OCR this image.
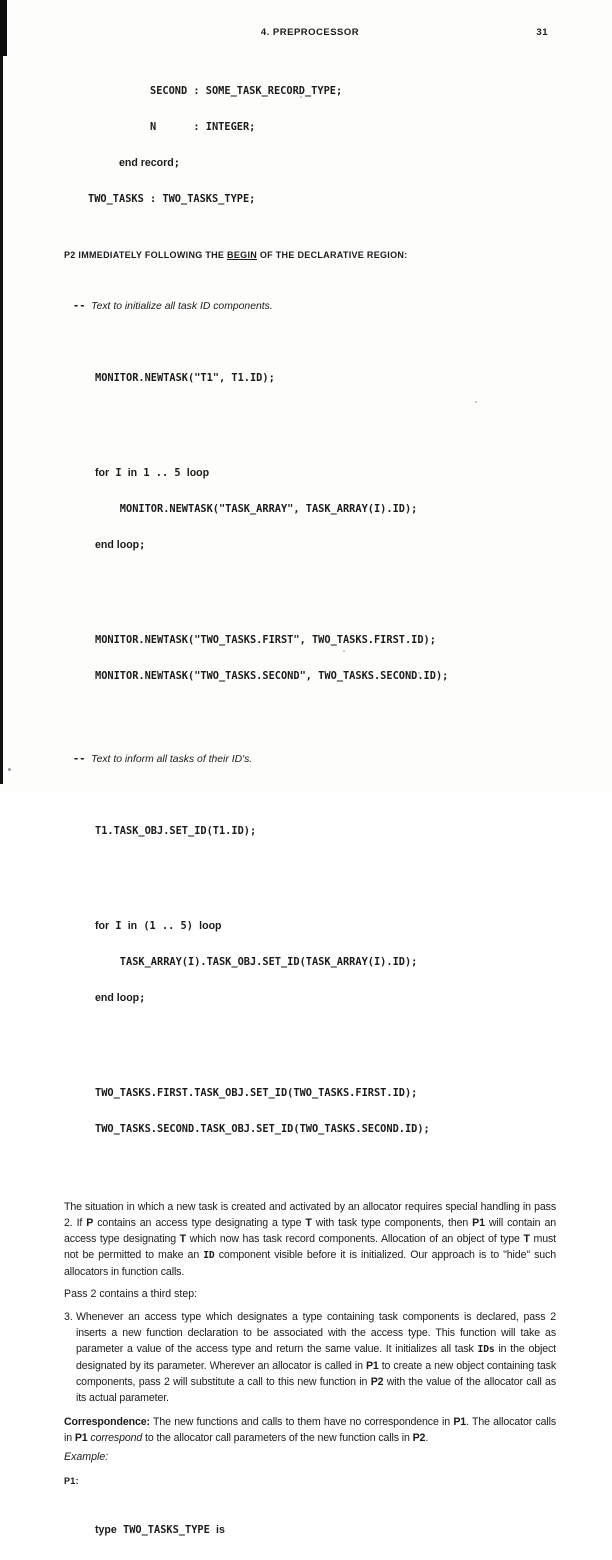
4. PREPROCESSOR	31

SECOND : SOME_TASK_RECORD_TYPE;

N      : INTEGER;

end record;

TWO_TASKS : TWO_TASKS_TYPE;

P2 IMMEDIATELY FOLLOWING THE BEGIN OF THE DECLARATIVE REGION:

--  Text to initialize all task ID components.

MONITOR.NEWTASK("T1", T1.ID);

for I in 1 .. 5 loop

MONITOR.NEWTASK("TASK_ARRAY", TASK_ARRAY(I).ID);

end loop;

MONITOR.NEWTASK("TWO_TASKS.FIRST", TWO_TASKS.FIRST.ID);

MONITOR.NEWTASK("TWO_TASKS.SECOND", TWO_TASKS.SECOND.ID);

--  Text to inform all tasks of their ID's.

T1.TASK_OBJ.SET_ID(T1.ID);

for I in (1 .. 5) loop

TASK_ARRAY(I).TASK_OBJ.SET_ID(TASK_ARRAY(I).ID);

end loop;

TWO_TASKS.FIRST.TASK_OBJ.SET_ID(TWO_TASKS.FIRST.ID);

TWO_TASKS.SECOND.TASK_OBJ.SET_ID(TWO_TASKS.SECOND.ID);

The situation in which a new task is created and activated by an allocator requires special handling in pass 2. If P contains an access type designating a type T with task type components, then P1 will contain an access type designating T which now has task record components. Allocation of an object of type T must not be permitted to make an ID component visible before it is initialized. Our approach is to "hide" such allocators in function calls.
Pass 2 contains a third step:
3. Whenever an access type which designates a type containing task components is declared, pass 2 inserts a new function declaration to be associated with the access type. This function will take as parameter a value of the access type and return the same value. It initializes all task IDs in the object designated by its parameter. Wherever an allocator is called in P1 to create a new object containing task components, pass 2 will substitute a call to this new function in P2 with the value of the allocator call as its actual parameter.
Correspondence: The new functions and calls to them have no correspondence in P1. The allocator calls in P1 correspond to the allocator call parameters of the new function calls in P2.
Example:
P1:

type TWO_TASKS_TYPE is
